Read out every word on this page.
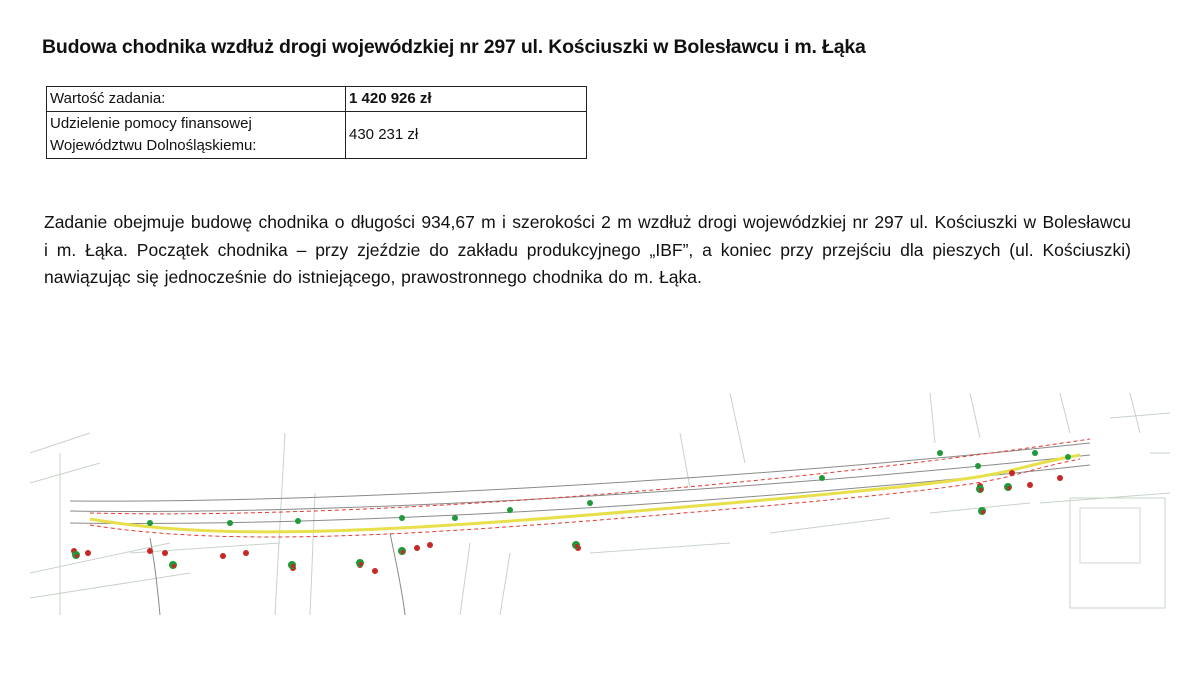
Budowa chodnika wzdłuż drogi wojewódzkiej nr 297 ul. Kościuszki w Bolesławcu i m. Łąka
Wartość zadania:	1 420 926 zł
Udzielenie pomocy finansowej Województwu Dolnośląskiemu:	430 231 zł

Zadanie obejmuje budowę chodnika o długości 934,67 m i szerokości 2 m wzdłuż drogi wojewódzkiej nr 297 ul. Kościuszki w Bolesławcu i m. Łąka. Początek chodnika – przy zjeździe do zakładu produkcyjnego „IBF”, a koniec przy przejściu dla pieszych (ul. Kościuszki) nawiązując się jednocześnie do istniejącego, prawostronnego chodnika do m. Łąka.
